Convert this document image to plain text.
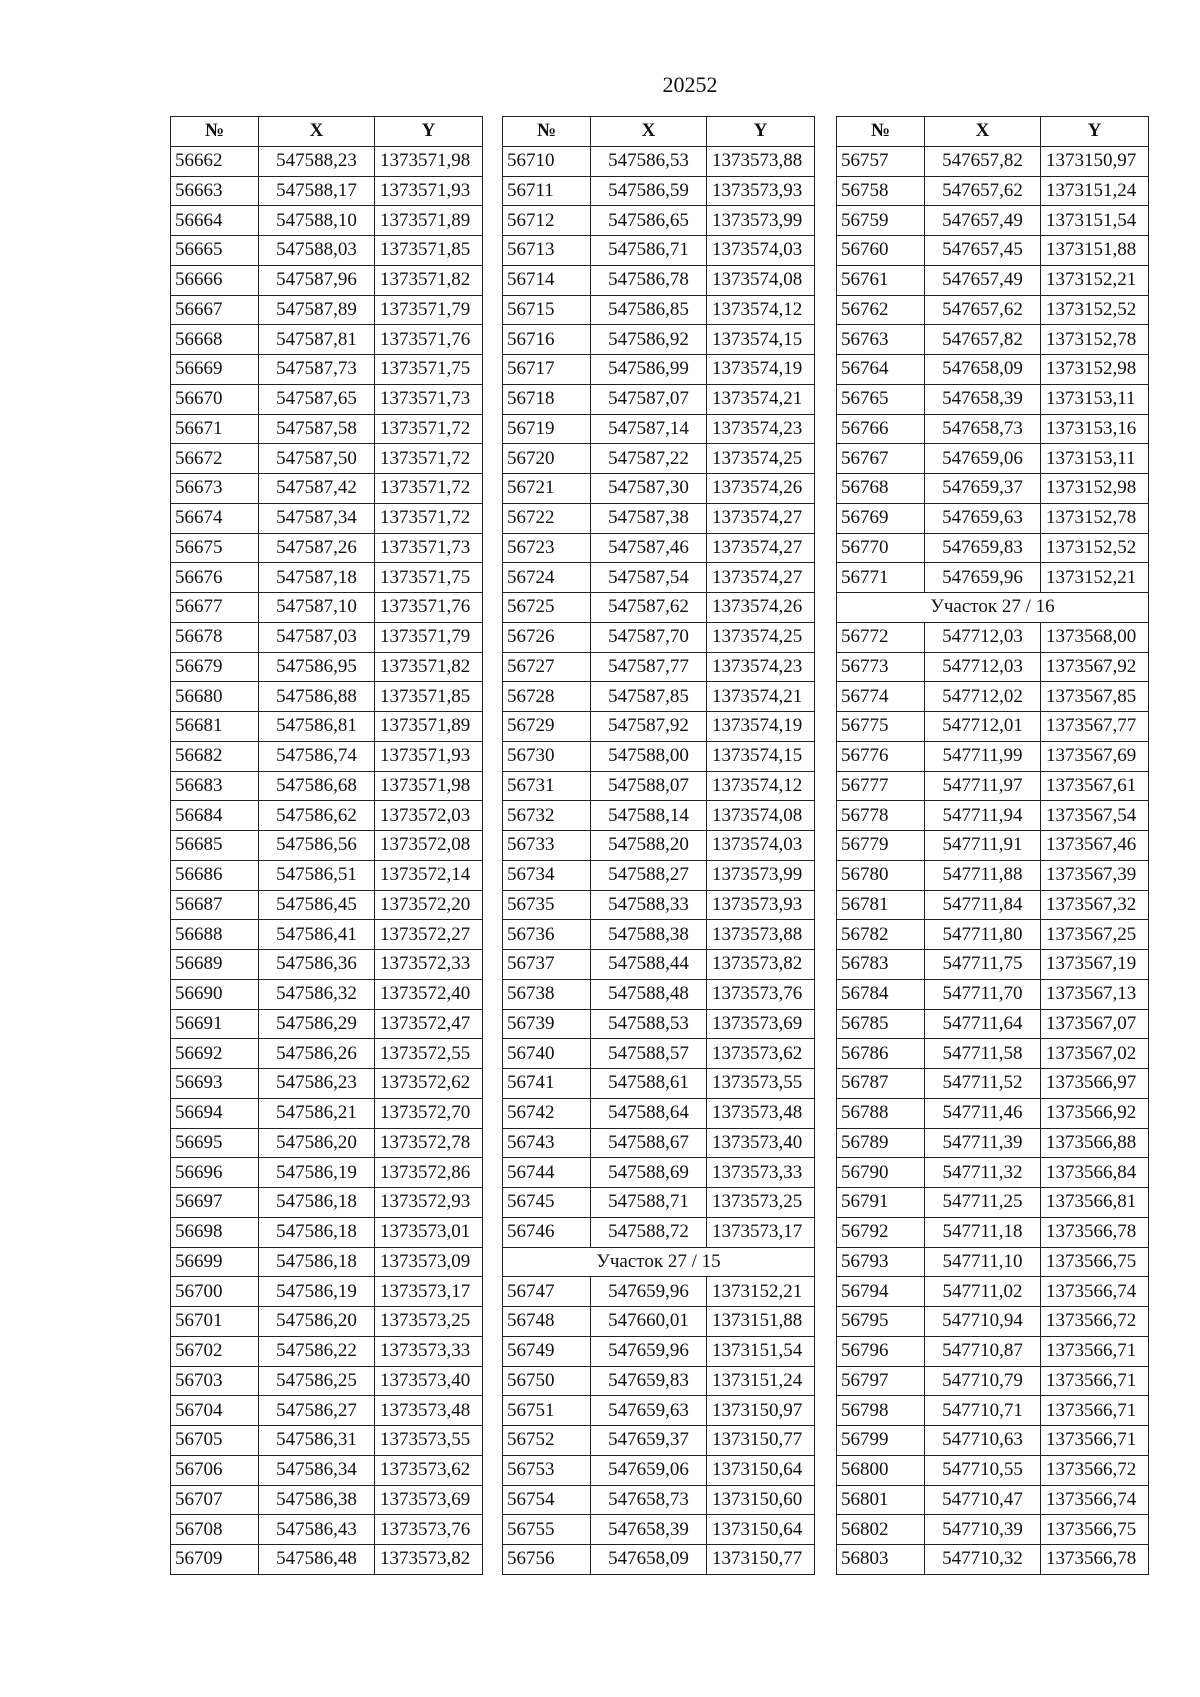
20252
№	X	Y
56662	547588,23	1373571,98
56663	547588,17	1373571,93
56664	547588,10	1373571,89
56665	547588,03	1373571,85
56666	547587,96	1373571,82
56667	547587,89	1373571,79
56668	547587,81	1373571,76
56669	547587,73	1373571,75
56670	547587,65	1373571,73
56671	547587,58	1373571,72
56672	547587,50	1373571,72
56673	547587,42	1373571,72
56674	547587,34	1373571,72
56675	547587,26	1373571,73
56676	547587,18	1373571,75
56677	547587,10	1373571,76
56678	547587,03	1373571,79
56679	547586,95	1373571,82
56680	547586,88	1373571,85
56681	547586,81	1373571,89
56682	547586,74	1373571,93
56683	547586,68	1373571,98
56684	547586,62	1373572,03
56685	547586,56	1373572,08
56686	547586,51	1373572,14
56687	547586,45	1373572,20
56688	547586,41	1373572,27
56689	547586,36	1373572,33
56690	547586,32	1373572,40
56691	547586,29	1373572,47
56692	547586,26	1373572,55
56693	547586,23	1373572,62
56694	547586,21	1373572,70
56695	547586,20	1373572,78
56696	547586,19	1373572,86
56697	547586,18	1373572,93
56698	547586,18	1373573,01
56699	547586,18	1373573,09
56700	547586,19	1373573,17
56701	547586,20	1373573,25
56702	547586,22	1373573,33
56703	547586,25	1373573,40
56704	547586,27	1373573,48
56705	547586,31	1373573,55
56706	547586,34	1373573,62
56707	547586,38	1373573,69
56708	547586,43	1373573,76
56709	547586,48	1373573,82
№	X	Y
56710	547586,53	1373573,88
56711	547586,59	1373573,93
56712	547586,65	1373573,99
56713	547586,71	1373574,03
56714	547586,78	1373574,08
56715	547586,85	1373574,12
56716	547586,92	1373574,15
56717	547586,99	1373574,19
56718	547587,07	1373574,21
56719	547587,14	1373574,23
56720	547587,22	1373574,25
56721	547587,30	1373574,26
56722	547587,38	1373574,27
56723	547587,46	1373574,27
56724	547587,54	1373574,27
56725	547587,62	1373574,26
56726	547587,70	1373574,25
56727	547587,77	1373574,23
56728	547587,85	1373574,21
56729	547587,92	1373574,19
56730	547588,00	1373574,15
56731	547588,07	1373574,12
56732	547588,14	1373574,08
56733	547588,20	1373574,03
56734	547588,27	1373573,99
56735	547588,33	1373573,93
56736	547588,38	1373573,88
56737	547588,44	1373573,82
56738	547588,48	1373573,76
56739	547588,53	1373573,69
56740	547588,57	1373573,62
56741	547588,61	1373573,55
56742	547588,64	1373573,48
56743	547588,67	1373573,40
56744	547588,69	1373573,33
56745	547588,71	1373573,25
56746	547588,72	1373573,17
Участок 27 / 15		
56747	547659,96	1373152,21
56748	547660,01	1373151,88
56749	547659,96	1373151,54
56750	547659,83	1373151,24
56751	547659,63	1373150,97
56752	547659,37	1373150,77
56753	547659,06	1373150,64
56754	547658,73	1373150,60
56755	547658,39	1373150,64
56756	547658,09	1373150,77
№	X	Y
56757	547657,82	1373150,97
56758	547657,62	1373151,24
56759	547657,49	1373151,54
56760	547657,45	1373151,88
56761	547657,49	1373152,21
56762	547657,62	1373152,52
56763	547657,82	1373152,78
56764	547658,09	1373152,98
56765	547658,39	1373153,11
56766	547658,73	1373153,16
56767	547659,06	1373153,11
56768	547659,37	1373152,98
56769	547659,63	1373152,78
56770	547659,83	1373152,52
56771	547659,96	1373152,21
Участок 27 / 16		
56772	547712,03	1373568,00
56773	547712,03	1373567,92
56774	547712,02	1373567,85
56775	547712,01	1373567,77
56776	547711,99	1373567,69
56777	547711,97	1373567,61
56778	547711,94	1373567,54
56779	547711,91	1373567,46
56780	547711,88	1373567,39
56781	547711,84	1373567,32
56782	547711,80	1373567,25
56783	547711,75	1373567,19
56784	547711,70	1373567,13
56785	547711,64	1373567,07
56786	547711,58	1373567,02
56787	547711,52	1373566,97
56788	547711,46	1373566,92
56789	547711,39	1373566,88
56790	547711,32	1373566,84
56791	547711,25	1373566,81
56792	547711,18	1373566,78
56793	547711,10	1373566,75
56794	547711,02	1373566,74
56795	547710,94	1373566,72
56796	547710,87	1373566,71
56797	547710,79	1373566,71
56798	547710,71	1373566,71
56799	547710,63	1373566,71
56800	547710,55	1373566,72
56801	547710,47	1373566,74
56802	547710,39	1373566,75
56803	547710,32	1373566,78
